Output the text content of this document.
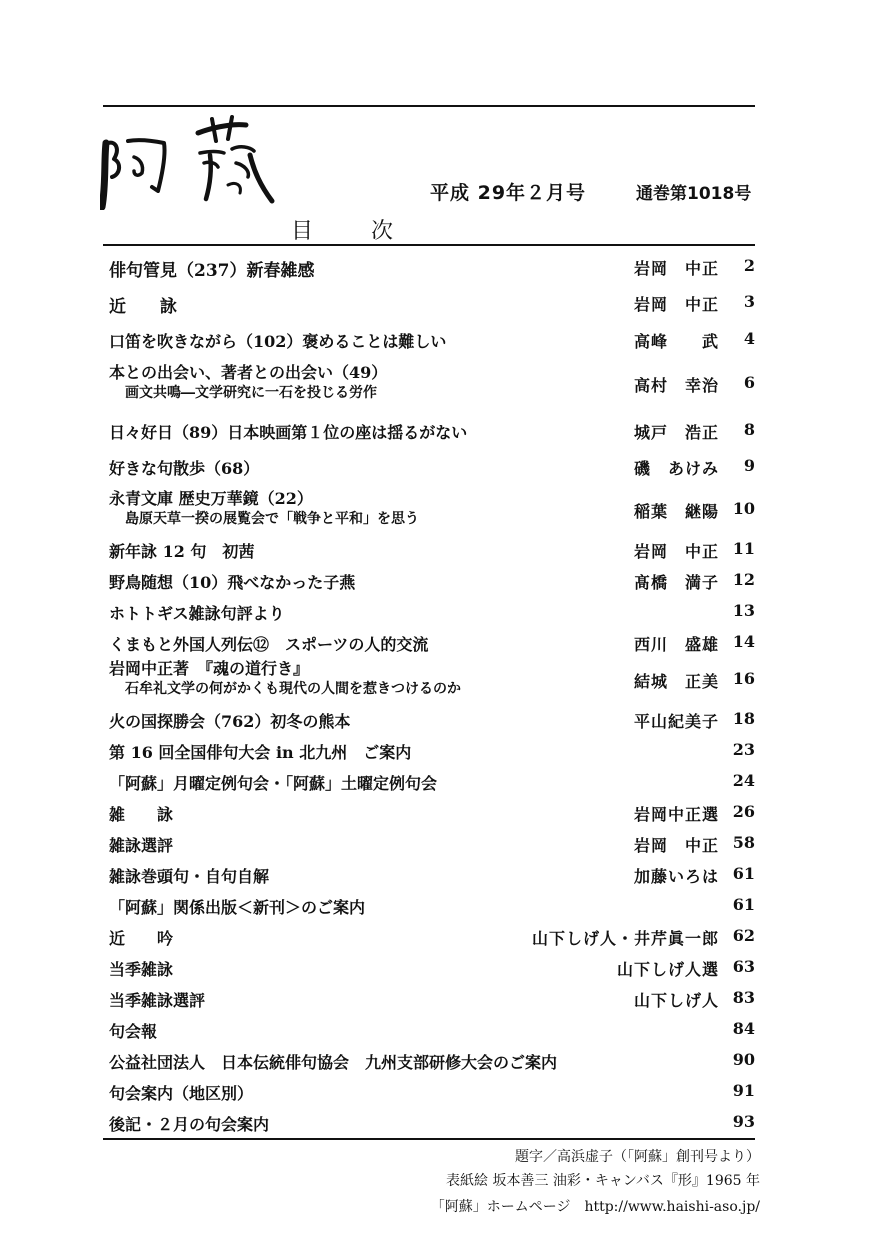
平成 29年２月号	通巻第1018号
目　次
俳句管見（237）新春雑感	岩岡　中正	2
近　　詠	岩岡　中正	3
口笛を吹きながら（102）褒めることは難しい	高峰　　武	4
本との出会い、著者との出会い（49）
画文共鳴―文学研究に一石を投じる労作	高村　幸治	6
日々好日（89）日本映画第１位の座は揺るがない	城戸　浩正	8
好きな句散歩（68）	磯　あけみ	9
永青文庫 歴史万華鏡（22）
島原天草一揆の展覧会で「戦争と平和」を思う	稲葉　継陽 10
新年詠 12 句　初茜	岩岡　中正 11
野鳥随想（10）飛べなかった子燕	髙橋　満子 12
ホトトギス雑詠句評より	13
くまもと外国人列伝⑫　スポーツの人的交流	西川　盛雄 14
岩岡中正著　『魂の道行き』
石牟礼文学の何がかくも現代の人間を惹きつけるのか	結城　正美 16
火の国探勝会（762）初冬の熊本	平山紀美子 18
第 16 回全国俳句大会 in 北九州　ご案内	23
「阿蘇」月曜定例句会・「阿蘇」土曜定例句会	24
雑　　詠	岩岡中正選 26
雑詠選評	岩岡　中正 58
雑詠巻頭句・自句自解	加藤いろは 61
「阿蘇」関係出版＜新刊＞のご案内	61
近　　吟	山下しげ人・井芹眞一郎 62
当季雑詠	山下しげ人選 63
当季雑詠選評	山下しげ人 83
句会報	84
公益社団法人　日本伝統俳句協会　九州支部研修大会のご案内	90
句会案内（地区別）	91
後記・２月の句会案内	93
題字／高浜虚子（「阿蘇」創刊号より）
表紙絵 坂本善三 油彩・キャンバス『形』1965 年
「阿蘇」ホームページ　http://www.haishi-aso.jp/
